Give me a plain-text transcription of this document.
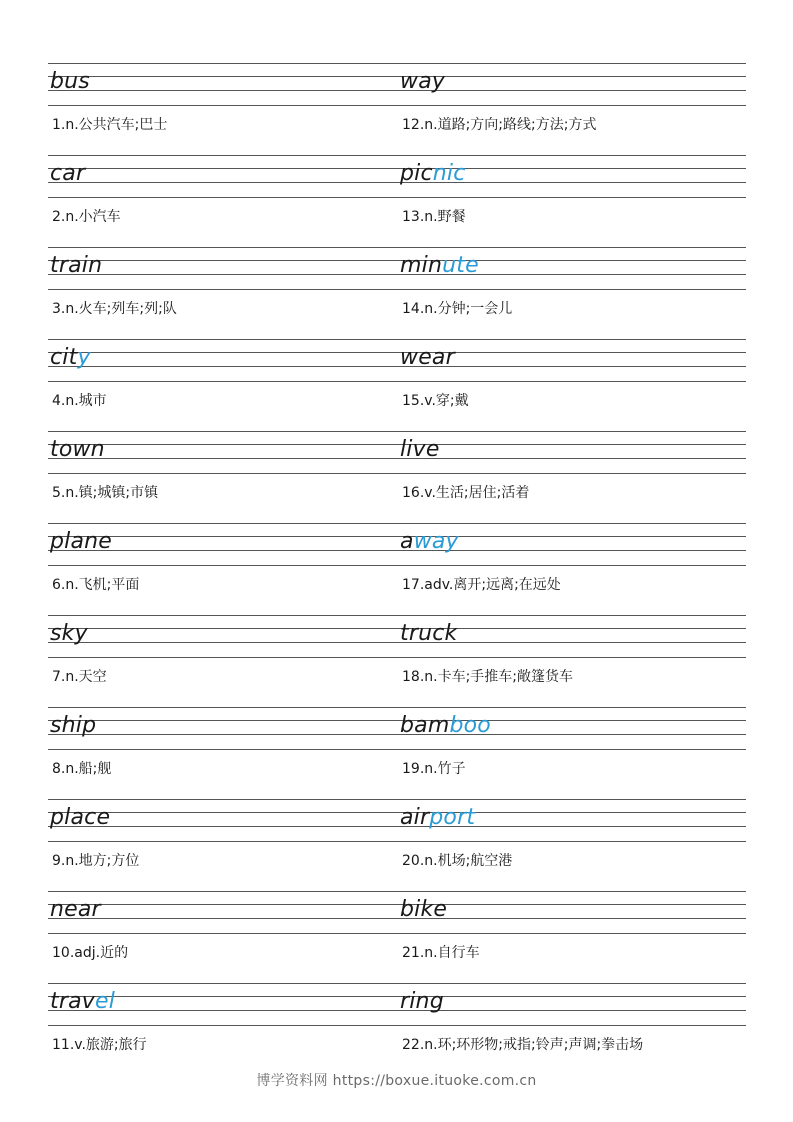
bus
1.n.公共汽车;巴士
way
12.n.道路;方向;路线;方法;方式
car
2.n.小汽车
picnic
13.n.野餐
train
3.n.火车;列车;列;队
minute
14.n.分钟;一会儿
city
4.n.城市
wear
15.v.穿;戴
town
5.n.镇;城镇;市镇
live
16.v.生活;居住;活着
plane
6.n.飞机;平面
away
17.adv.离开;远离;在远处
sky
7.n.天空
truck
18.n.卡车;手推车;敞篷货车
ship
8.n.船;舰
bamboo
19.n.竹子
place
9.n.地方;方位
airport
20.n.机场;航空港
near
10.adj.近的
bike
21.n.自行车
travel
11.v.旅游;旅行
ring
22.n.环;环形物;戒指;铃声;声调;拳击场
博学资料网 https://boxue.ituoke.com.cn
